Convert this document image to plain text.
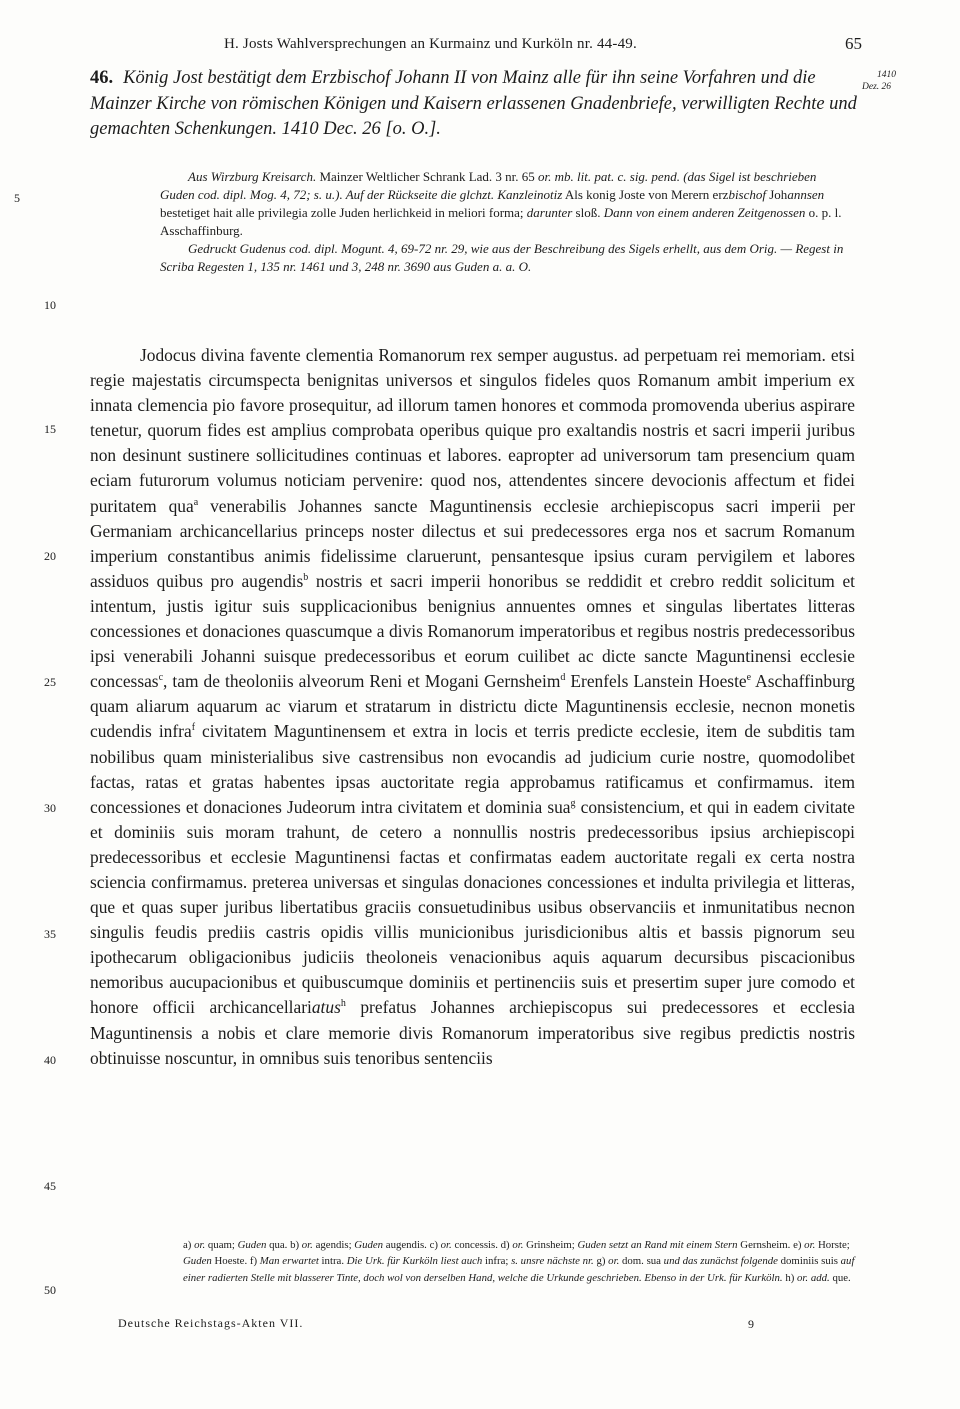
H. Josts Wahlversprechungen an Kurmainz und Kurköln nr. 44-49.	65
1410
Dez. 26
46. König Jost bestätigt dem Erzbischof Johann II von Mainz alle für ihn seine Vorfahren und die Mainzer Kirche von römischen Königen und Kaisern erlassenen Gnadenbriefe, verwilligten Rechte und gemachten Schenkungen. 1410 Dec. 26 [o. O.].
5
10
15
20
25
30
35
40
45
50

Aus Wirzburg Kreisarch. Mainzer Weltlicher Schrank Lad. 3 nr. 65 or. mb. lit. pat. c. sig. pend. (das Sigel ist beschrieben Guden cod. dipl. Mog. 4, 72; s. u.). Auf der Rückseite die glchzt. Kanzleinotiz Als konig Joste von Merern erzbischof Johannsen bestetiget hait alle privilegia zolle Juden herlichkeid in meliori forma; darunter sloß. Dann von einem anderen Zeitgenossen o. p. l. Asschaffinburg.

Gedruckt Gudenus cod. dipl. Mogunt. 4, 69-72 nr. 29, wie aus der Beschreibung des Sigels erhellt, aus dem Orig. — Regest in Scriba Regesten 1, 135 nr. 1461 und 3, 248 nr. 3690 aus Guden a. a. O.

Jodocus divina favente clementia Romanorum rex semper augustus. ad perpetuam rei memoriam. etsi regie majestatis circumspecta benignitas universos et singulos fideles quos Romanum ambit imperium ex innata clemencia pio favore prosequitur, ad illorum tamen honores et commoda promovenda uberius aspirare tenetur, quorum fides est amplius comprobata operibus quique pro exaltandis nostris et sacri imperii juribus non desinunt sustinere sollicitudines continuas et labores. eapropter ad universorum tam presencium quam eciam futurorum volumus noticiam pervenire: quod nos, attendentes sincere devocionis affectum et fidei puritatem qua$^a$ venerabilis Johannes sancte Maguntinensis ecclesie archiepiscopus sacri imperii per Germaniam archicancellarius princeps noster dilectus et sui predecessores erga nos et sacrum Romanum imperium constantibus animis fidelissime claruerunt, pensantesque ipsius curam pervigilem et labores assiduos quibus pro augendis$^b$ nostris et sacri imperii honoribus se reddidit et crebro reddit solicitum et intentum, justis igitur suis supplicacionibus benignius annuentes omnes et singulas libertates litteras concessiones et donaciones quascumque a divis Romanorum imperatoribus et regibus nostris predecessoribus ipsi venerabili Johanni suisque predecessoribus et eorum cuilibet ac dicte sancte Maguntinensi ecclesie concessas$^c$, tam de theoloniis alveorum Reni et Mogani Gernsheim$^d$ Erenfels Lanstein Hoeste$^e$ Aschaffinburg quam aliarum aquarum ac viarum et stratarum in districtu dicte Maguntinensis ecclesie, necnon monetis cudendis infra$^f$ civitatem Maguntinensem et extra in locis et terris predicte ecclesie, item de subditis tam nobilibus quam ministerialibus sive castrensibus non evocandis ad judicium curie nostre, quomodolibet factas, ratas et gratas habentes ipsas auctoritate regia approbamus ratificamus et confirmamus. item concessiones et donaciones Judeorum intra civitatem et dominia sua$^g$ consistencium, et qui in eadem civitate et dominiis suis moram trahunt, de cetero a nonnullis nostris predecessoribus ipsius archiepiscopi predecessoribus et ecclesie Maguntinensi factas et confirmatas eadem auctoritate regali ex certa nostra sciencia confirmamus. preterea universas et singulas donaciones concessiones et indulta privilegia et litteras, que et quas super juribus libertatibus graciis consuetudinibus usibus observanciis et inmunitatibus necnon singulis feudis prediis castris opidis villis municionibus jurisdicionibus altis et bassis pignorum seu ipothecarum obligacionibus judiciis theoloneis venacionibus aquis aquarum decursibus piscacionibus nemoribus aucupacionibus et quibuscumque dominiis et pertinenciis suis et presertim super jure comodo et honore officii archicancellariatus$^h$ prefatus Johannes archiepiscopus sui predecessores et ecclesia Maguntinensis a nobis et clare memorie divis Romanorum imperatoribus sive regibus predictis nostris obtinuisse noscuntur, in omnibus suis tenoribus sentenciis

a) or. quam; Guden qua. b) or. agendis; Guden augendis. c) or. concessis. d) or. Grinsheim; Guden setzt an Rand mit einem Stern Gernsheim. e) or. Horste; Guden Hoeste. f) Man erwartet intra. Die Urk. für Kurköln liest auch infra; s. unsre nächste nr. g) or. dom. sua und das zunächst folgende dominiis suis auf einer radierten Stelle mit blasserer Tinte, doch wol von derselben Hand, welche die Urkunde geschrieben. Ebenso in der Urk. für Kurköln. h) or. add. que.
Deutsche Reichstags-Akten VII.	9
